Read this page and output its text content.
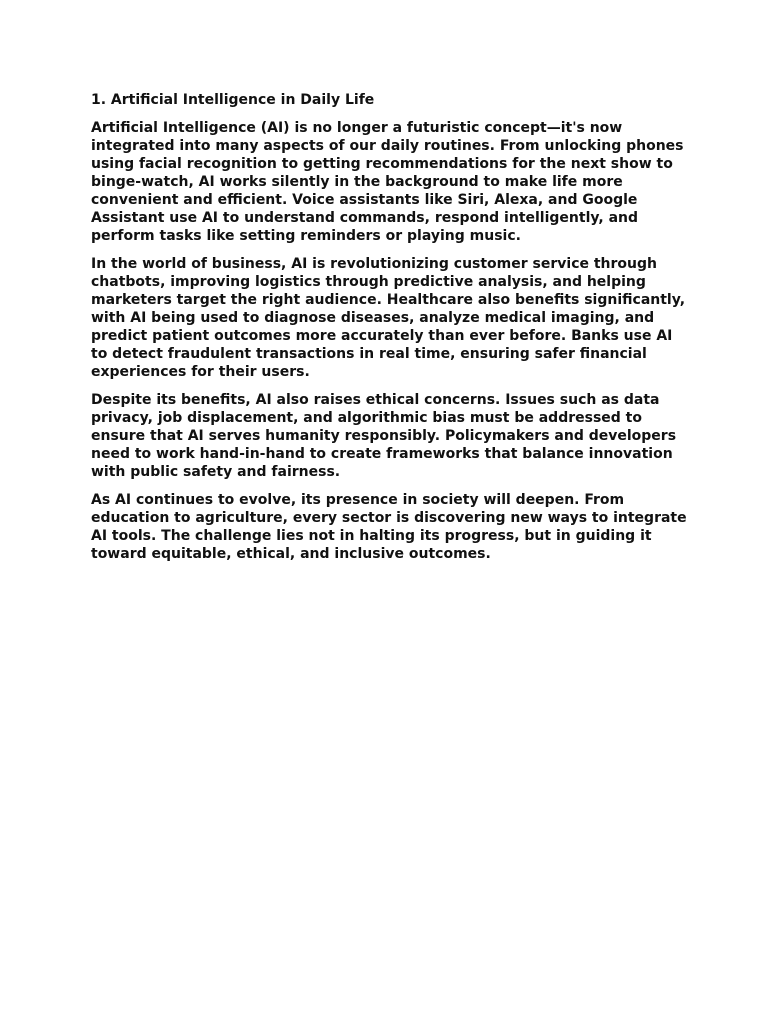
1. Artificial Intelligence in Daily Life

Artificial Intelligence (AI) is no longer a futuristic concept—it's now
integrated into many aspects of our daily routines. From unlocking phones
using facial recognition to getting recommendations for the next show to
binge-watch, AI works silently in the background to make life more
convenient and efficient. Voice assistants like Siri, Alexa, and Google
Assistant use AI to understand commands, respond intelligently, and
perform tasks like setting reminders or playing music.

In the world of business, AI is revolutionizing customer service through
chatbots, improving logistics through predictive analysis, and helping
marketers target the right audience. Healthcare also benefits significantly,
with AI being used to diagnose diseases, analyze medical imaging, and
predict patient outcomes more accurately than ever before. Banks use AI
to detect fraudulent transactions in real time, ensuring safer financial
experiences for their users.

Despite its benefits, AI also raises ethical concerns. Issues such as data
privacy, job displacement, and algorithmic bias must be addressed to
ensure that AI serves humanity responsibly. Policymakers and developers
need to work hand-in-hand to create frameworks that balance innovation
with public safety and fairness.

As AI continues to evolve, its presence in society will deepen. From
education to agriculture, every sector is discovering new ways to integrate
AI tools. The challenge lies not in halting its progress, but in guiding it
toward equitable, ethical, and inclusive outcomes.
